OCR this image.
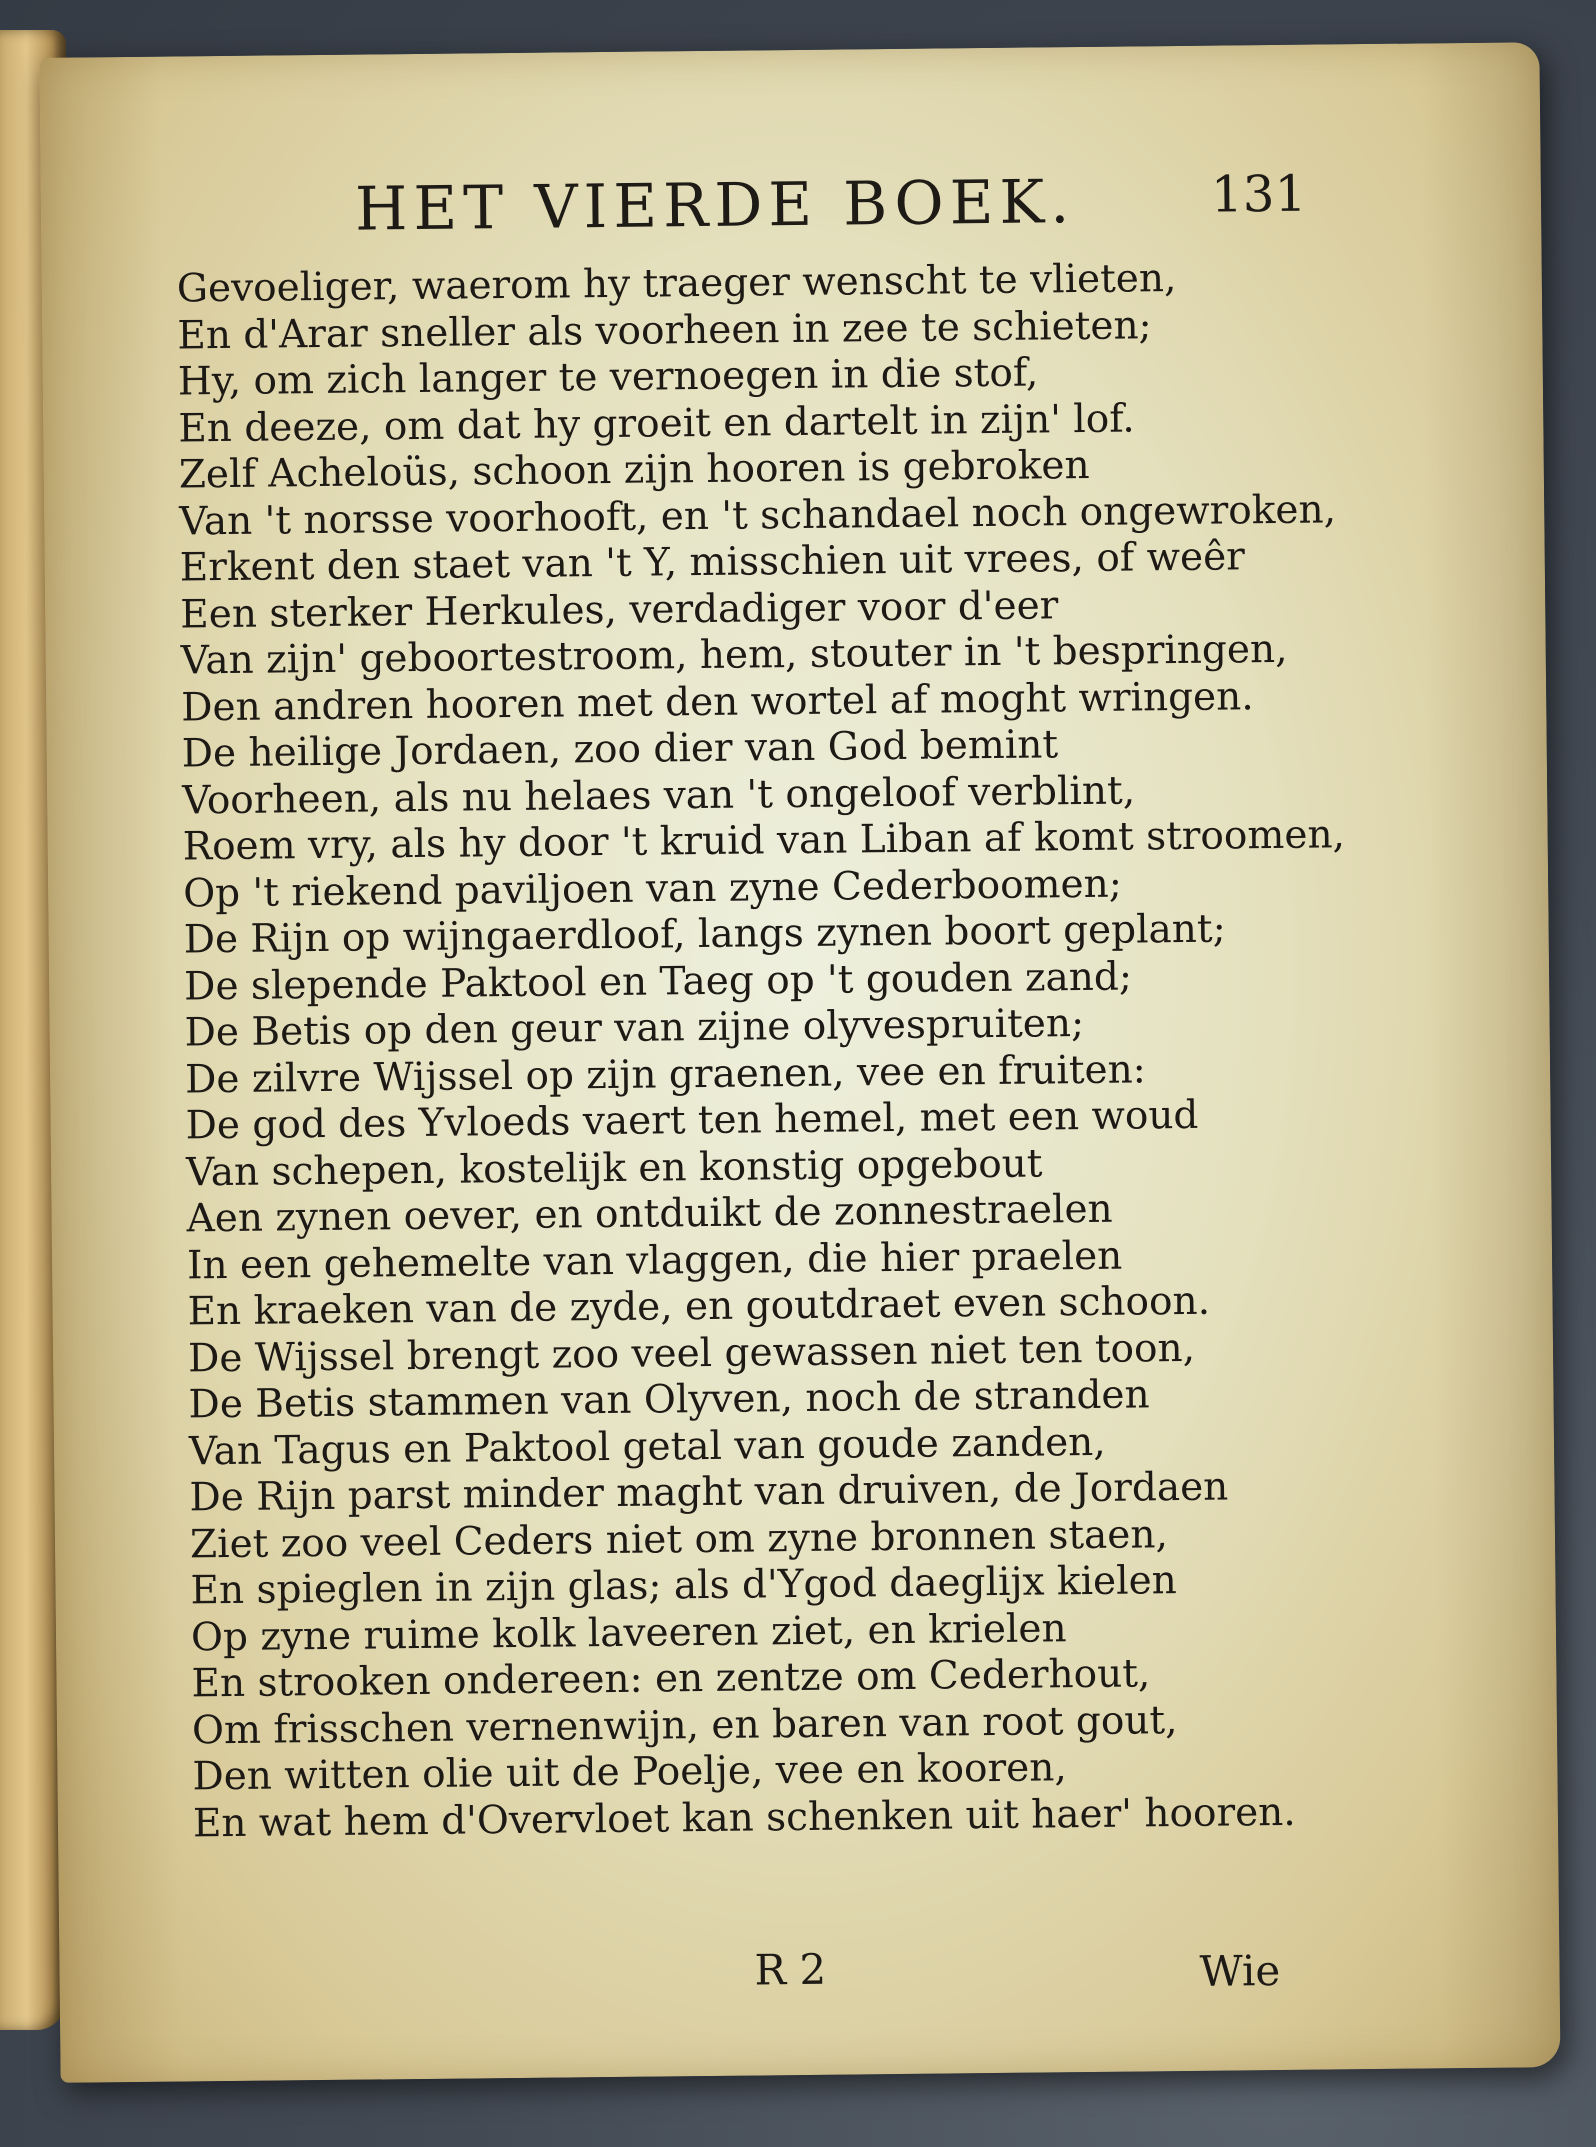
HET VIERDE BOEK.	131
Gevoeliger, waerom hy traeger wenscht te vlieten,
En d'Arar sneller als voorheen in zee te schieten;
Hy, om zich langer te vernoegen in die stof,
En deeze, om dat hy groeit en dartelt in zijn' lof.
Zelf Acheloüs, schoon zijn hooren is gebroken
Van 't norsse voorhooft, en 't schandael noch ongewroken,
Erkent den staet van 't Y, misschien uit vrees, of weêr
Een sterker Herkules, verdadiger voor d'eer
Van zijn' geboortestroom, hem, stouter in 't bespringen,
Den andren hooren met den wortel af moght wringen.
De heilige Jordaen, zoo dier van God bemint
Voorheen, als nu helaes van 't ongeloof verblint,
Roem vry, als hy door 't kruid van Liban af komt stroomen,
Op 't riekend paviljoen van zyne Cederboomen;
De Rijn op wijngaerdloof, langs zynen boort geplant;
De slepende Paktool en Taeg op 't gouden zand;
De Betis op den geur van zijne olyvespruiten;
De zilvre Wijssel op zijn graenen, vee en fruiten:
De god des Yvloeds vaert ten hemel, met een woud
Van schepen, kostelijk en konstig opgebout
Aen zynen oever, en ontduikt de zonnestraelen
In een gehemelte van vlaggen, die hier praelen
En kraeken van de zyde, en goutdraet even schoon.
De Wijssel brengt zoo veel gewassen niet ten toon,
De Betis stammen van Olyven, noch de stranden
Van Tagus en Paktool getal van goude zanden,
De Rijn parst minder maght van druiven, de Jordaen
Ziet zoo veel Ceders niet om zyne bronnen staen,
En spieglen in zijn glas; als d'Ygod daeglijx kielen
Op zyne ruime kolk laveeren ziet, en krielen
En strooken ondereen: en zentze om Cederhout,
Om frisschen vernenwijn, en baren van root gout,
Den witten olie uit de Poelje, vee en kooren,
En wat hem d'Overvloet kan schenken uit haer' hooren.
R 2	Wie
